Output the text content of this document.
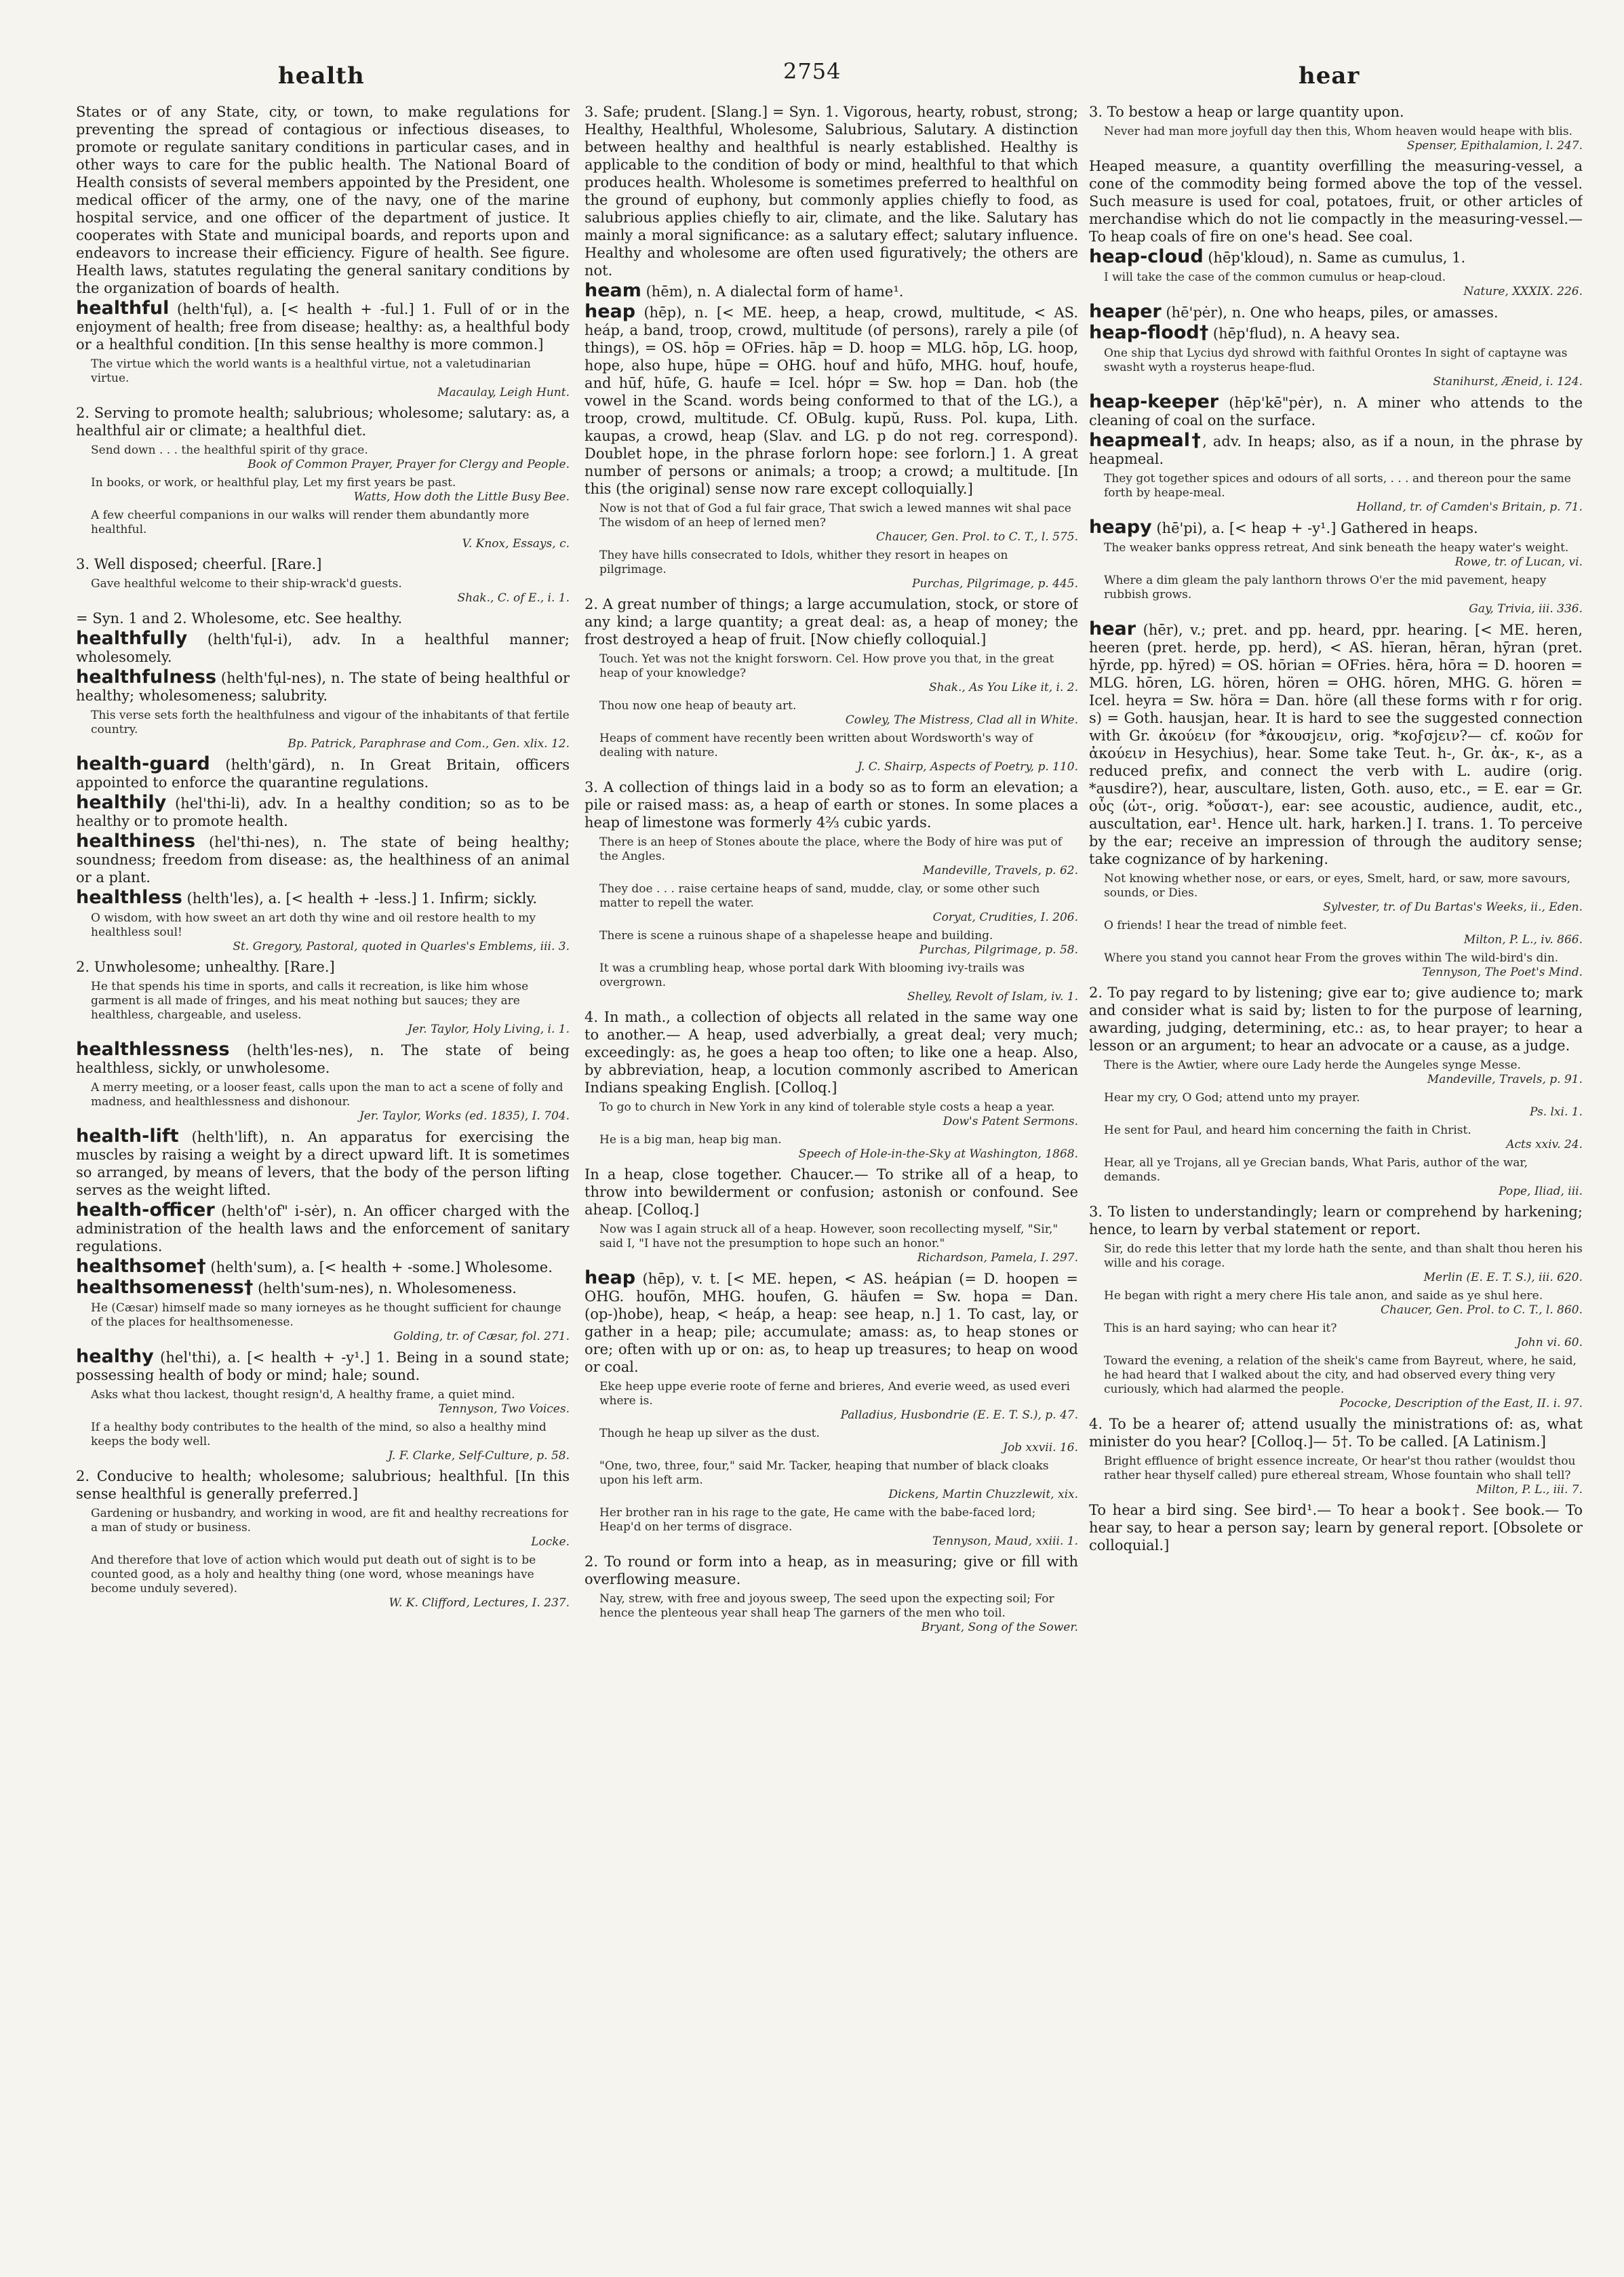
health	2754	hear

States or of any State, city, or town, to make regulations for preventing the spread of contagious or infectious diseases, to promote or regulate sanitary conditions in particular cases, and in other ways to care for the public health. The National Board of Health consists of several members appointed by the President, one medical officer of the army, one of the navy, one of the marine hospital service, and one officer of the department of justice. It cooperates with State and municipal boards, and reports upon and endeavors to increase their efficiency. Figure of health. See figure. Health laws, statutes regulating the general sanitary conditions by the organization of boards of health.

healthful (helth'fụl), a. [< health + -ful.] 1. Full of or in the enjoyment of health; free from disease; healthy: as, a healthful body or a healthful condition. [In this sense healthy is more common.]

The virtue which the world wants is a healthful virtue, not a valetudinarian virtue.
Macaulay, Leigh Hunt.

2. Serving to promote health; salubrious; wholesome; salutary: as, a healthful air or climate; a healthful diet.

Send down . . . the healthful spirit of thy grace.
Book of Common Prayer, Prayer for Clergy and People.
In books, or work, or healthful play, Let my first years be past.
Watts, How doth the Little Busy Bee.
A few cheerful companions in our walks will render them abundantly more healthful.
V. Knox, Essays, c.

3. Well disposed; cheerful. [Rare.]

Gave healthful welcome to their ship-wrack'd guests.
Shak., C. of E., i. 1.

= Syn. 1 and 2. Wholesome, etc. See healthy.

healthfully (helth'fụl-i), adv. In a healthful manner; wholesomely.

healthfulness (helth'fụl-nes), n. The state of being healthful or healthy; wholesomeness; salubrity.

This verse sets forth the healthfulness and vigour of the inhabitants of that fertile country.
Bp. Patrick, Paraphrase and Com., Gen. xlix. 12.

health-guard (helth'gärd), n. In Great Britain, officers appointed to enforce the quarantine regulations.

healthily (hel'thi-li), adv. In a healthy condition; so as to be healthy or to promote health.

healthiness (hel'thi-nes), n. The state of being healthy; soundness; freedom from disease: as, the healthiness of an animal or a plant.

healthless (helth'les), a. [< health + -less.] 1. Infirm; sickly.

O wisdom, with how sweet an art doth thy wine and oil restore health to my healthless soul!
St. Gregory, Pastoral, quoted in Quarles's Emblems, iii. 3.

2. Unwholesome; unhealthy. [Rare.]

He that spends his time in sports, and calls it recreation, is like him whose garment is all made of fringes, and his meat nothing but sauces; they are healthless, chargeable, and useless.
Jer. Taylor, Holy Living, i. 1.

healthlessness (helth'les-nes), n. The state of being healthless, sickly, or unwholesome.

A merry meeting, or a looser feast, calls upon the man to act a scene of folly and madness, and healthlessness and dishonour.
Jer. Taylor, Works (ed. 1835), I. 704.

health-lift (helth'lift), n. An apparatus for exercising the muscles by raising a weight by a direct upward lift. It is sometimes so arranged, by means of levers, that the body of the person lifting serves as the weight lifted.

health-officer (helth'of" i-sėr), n. An officer charged with the administration of the health laws and the enforcement of sanitary regulations.

healthsome† (helth'sum), a. [< health + -some.] Wholesome.

healthsomeness† (helth'sum-nes), n. Wholesomeness.

He (Cæsar) himself made so many iorneyes as he thought sufficient for chaunge of the places for healthsomenesse.
Golding, tr. of Cæsar, fol. 271.

healthy (hel'thi), a. [< health + -y¹.] 1. Being in a sound state; possessing health of body or mind; hale; sound.

Asks what thou lackest, thought resign'd, A healthy frame, a quiet mind.
Tennyson, Two Voices.
If a healthy body contributes to the health of the mind, so also a healthy mind keeps the body well.
J. F. Clarke, Self-Culture, p. 58.

2. Conducive to health; wholesome; salubrious; healthful. [In this sense healthful is generally preferred.]

Gardening or husbandry, and working in wood, are fit and healthy recreations for a man of study or business.
Locke.
And therefore that love of action which would put death out of sight is to be counted good, as a holy and healthy thing (one word, whose meanings have become unduly severed).
W. K. Clifford, Lectures, I. 237.

3. Safe; prudent. [Slang.] = Syn. 1. Vigorous, hearty, robust, strong; Healthy, Healthful, Wholesome, Salubrious, Salutary. A distinction between healthy and healthful is nearly established. Healthy is applicable to the condition of body or mind, healthful to that which produces health. Wholesome is sometimes preferred to healthful on the ground of euphony, but commonly applies chiefly to food, as salubrious applies chiefly to air, climate, and the like. Salutary has mainly a moral significance: as a salutary effect; salutary influence. Healthy and wholesome are often used figuratively; the others are not.

heam (hēm), n. A dialectal form of hame¹.

heap (hēp), n. [< ME. heep, a heap, crowd, multitude, < AS. heáp, a band, troop, crowd, multitude (of persons), rarely a pile (of things), = OS. hōp = OFries. hāp = D. hoop = MLG. hōp, LG. hoop, hope, also hupe, hūpe = OHG. houf and hūfo, MHG. houf, houfe, and hūf, hūfe, G. haufe = Icel. hópr = Sw. hop = Dan. hob (the vowel in the Scand. words being conformed to that of the LG.), a troop, crowd, multitude. Cf. OBulg. kupŭ, Russ. Pol. kupa, Lith. kaupas, a crowd, heap (Slav. and LG. p do not reg. correspond). Doublet hope, in the phrase forlorn hope: see forlorn.] 1. A great number of persons or animals; a troop; a crowd; a multitude. [In this (the original) sense now rare except colloquially.]

Now is not that of God a ful fair grace, That swich a lewed mannes wit shal pace The wisdom of an heep of lerned men?
Chaucer, Gen. Prol. to C. T., l. 575.
They have hills consecrated to Idols, whither they resort in heapes on pilgrimage.
Purchas, Pilgrimage, p. 445.

2. A great number of things; a large accumulation, stock, or store of any kind; a large quantity; a great deal: as, a heap of money; the frost destroyed a heap of fruit. [Now chiefly colloquial.]

Touch. Yet was not the knight forsworn. Cel. How prove you that, in the great heap of your knowledge?
Shak., As You Like it, i. 2.
Thou now one heap of beauty art.
Cowley, The Mistress, Clad all in White.
Heaps of comment have recently been written about Wordsworth's way of dealing with nature.
J. C. Shairp, Aspects of Poetry, p. 110.

3. A collection of things laid in a body so as to form an elevation; a pile or raised mass: as, a heap of earth or stones. In some places a heap of limestone was formerly 4⅔ cubic yards.

There is an heep of Stones aboute the place, where the Body of hire was put of the Angles.
Mandeville, Travels, p. 62.
They doe . . . raise certaine heaps of sand, mudde, clay, or some other such matter to repell the water.
Coryat, Crudities, I. 206.
There is scene a ruinous shape of a shapelesse heape and building.
Purchas, Pilgrimage, p. 58.
It was a crumbling heap, whose portal dark With blooming ivy-trails was overgrown.
Shelley, Revolt of Islam, iv. 1.

4. In math., a collection of objects all related in the same way one to another.— A heap, used adverbially, a great deal; very much; exceedingly: as, he goes a heap too often; to like one a heap. Also, by abbreviation, heap, a locution commonly ascribed to American Indians speaking English. [Colloq.]

To go to church in New York in any kind of tolerable style costs a heap a year.
Dow's Patent Sermons.
He is a big man, heap big man.
Speech of Hole-in-the-Sky at Washington, 1868.

In a heap, close together. Chaucer.— To strike all of a heap, to throw into bewilderment or confusion; astonish or confound. See aheap. [Colloq.]

Now was I again struck all of a heap. However, soon recollecting myself, "Sir," said I, "I have not the presumption to hope such an honor."
Richardson, Pamela, I. 297.

heap (hēp), v. t. [< ME. hepen, < AS. heápian (= D. hoopen = OHG. houfōn, MHG. houfen, G. häufen = Sw. hopa = Dan. (op-)hobe), heap, < heáp, a heap: see heap, n.] 1. To cast, lay, or gather in a heap; pile; accumulate; amass: as, to heap stones or ore; often with up or on: as, to heap up treasures; to heap on wood or coal.

Eke heep uppe everie roote of ferne and brieres, And everie weed, as used everi where is.
Palladius, Husbondrie (E. E. T. S.), p. 47.
Though he heap up silver as the dust.
Job xxvii. 16.
"One, two, three, four," said Mr. Tacker, heaping that number of black cloaks upon his left arm.
Dickens, Martin Chuzzlewit, xix.
Her brother ran in his rage to the gate, He came with the babe-faced lord; Heap'd on her terms of disgrace.
Tennyson, Maud, xxiii. 1.

2. To round or form into a heap, as in measuring; give or fill with overflowing measure.

Nay, strew, with free and joyous sweep, The seed upon the expecting soil; For hence the plenteous year shall heap The garners of the men who toil.
Bryant, Song of the Sower.

3. To bestow a heap or large quantity upon.

Never had man more joyfull day then this, Whom heaven would heape with blis.
Spenser, Epithalamion, l. 247.

Heaped measure, a quantity overfilling the measuring-vessel, a cone of the commodity being formed above the top of the vessel. Such measure is used for coal, potatoes, fruit, or other articles of merchandise which do not lie compactly in the measuring-vessel.— To heap coals of fire on one's head. See coal.

heap-cloud (hēp'kloud), n. Same as cumulus, 1.

I will take the case of the common cumulus or heap-cloud.
Nature, XXXIX. 226.

heaper (hē'pėr), n. One who heaps, piles, or amasses.

heap-flood† (hēp'flud), n. A heavy sea.

One ship that Lycius dyd shrowd with faithful Orontes In sight of captayne was swasht wyth a roysterus heape-flud.
Stanihurst, Æneid, i. 124.

heap-keeper (hēp'kē"pėr), n. A miner who attends to the cleaning of coal on the surface.

heapmeal†, adv. In heaps; also, as if a noun, in the phrase by heapmeal.

They got together spices and odours of all sorts, . . . and thereon pour the same forth by heape-meal.
Holland, tr. of Camden's Britain, p. 71.

heapy (hē'pi), a. [< heap + -y¹.] Gathered in heaps.

The weaker banks oppress retreat, And sink beneath the heapy water's weight.
Rowe, tr. of Lucan, vi.
Where a dim gleam the paly lanthorn throws O'er the mid pavement, heapy rubbish grows.
Gay, Trivia, iii. 336.

hear (hēr), v.; pret. and pp. heard, ppr. hearing. [< ME. heren, heeren (pret. herde, pp. herd), < AS. hīeran, hēran, hȳran (pret. hȳrde, pp. hȳred) = OS. hōrian = OFries. hēra, hōra = D. hooren = MLG. hōren, LG. hören, hören = OHG. hōren, MHG. G. hören = Icel. heyra = Sw. höra = Dan. höre (all these forms with r for orig. s) = Goth. hausjan, hear. It is hard to see the suggested connection with Gr. ἀκούειν (for *ἀκουσjειν, orig. *κοϝσjειν?— cf. κοῶν for ἀκούειν in Hesychius), hear. Some take Teut. h-, Gr. ἀκ-, κ-, as a reduced prefix, and connect the verb with L. audire (orig. *ausdire?), hear, auscultare, listen, Goth. auso, etc., = E. ear = Gr. οὖς (ὠτ-, orig. *οὔσατ-), ear: see acoustic, audience, audit, etc., auscultation, ear¹. Hence ult. hark, harken.] I. trans. 1. To perceive by the ear; receive an impression of through the auditory sense; take cognizance of by harkening.

Not knowing whether nose, or ears, or eyes, Smelt, hard, or saw, more savours, sounds, or Dies.
Sylvester, tr. of Du Bartas's Weeks, ii., Eden.
O friends! I hear the tread of nimble feet.
Milton, P. L., iv. 866.
Where you stand you cannot hear From the groves within The wild-bird's din.
Tennyson, The Poet's Mind.

2. To pay regard to by listening; give ear to; give audience to; mark and consider what is said by; listen to for the purpose of learning, awarding, judging, determining, etc.: as, to hear prayer; to hear a lesson or an argument; to hear an advocate or a cause, as a judge.

There is the Awtier, where oure Lady herde the Aungeles synge Messe.
Mandeville, Travels, p. 91.
Hear my cry, O God; attend unto my prayer.
Ps. lxi. 1.
He sent for Paul, and heard him concerning the faith in Christ.
Acts xxiv. 24.
Hear, all ye Trojans, all ye Grecian bands, What Paris, author of the war, demands.
Pope, Iliad, iii.

3. To listen to understandingly; learn or comprehend by harkening; hence, to learn by verbal statement or report.

Sir, do rede this letter that my lorde hath the sente, and than shalt thou heren his wille and his corage.
Merlin (E. E. T. S.), iii. 620.
He began with right a mery chere His tale anon, and saide as ye shul here.
Chaucer, Gen. Prol. to C. T., l. 860.
This is an hard saying; who can hear it?
John vi. 60.
Toward the evening, a relation of the sheik's came from Bayreut, where, he said, he had heard that I walked about the city, and had observed every thing very curiously, which had alarmed the people.
Pococke, Description of the East, II. i. 97.

4. To be a hearer of; attend usually the ministrations of: as, what minister do you hear? [Colloq.]— 5†. To be called. [A Latinism.]

Bright effluence of bright essence increate, Or hear'st thou rather (wouldst thou rather hear thyself called) pure ethereal stream, Whose fountain who shall tell?
Milton, P. L., iii. 7.

To hear a bird sing. See bird¹.— To hear a book†. See book.— To hear say, to hear a person say; learn by general report. [Obsolete or colloquial.]
